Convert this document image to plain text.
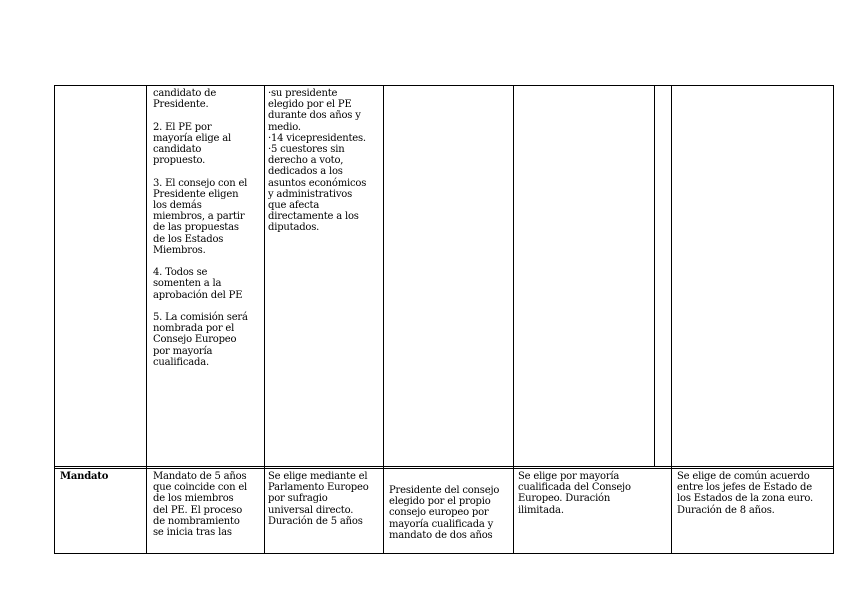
candidato de
Presidente.

2. El PE por
mayoría elige al
candidato
propuesto.

3. El consejo con el
Presidente eligen
los demás
miembros, a partir
de las propuestas
de los Estados
Miembros.

4. Todos se
somenten a la
aprobación del PE

5. La comisión será
nombrada por el
Consejo Europeo
por mayoría
cualificada.
·su presidente
elegido por el PE
durante dos años y
medio.
·14 vicepresidentes.
·5 cuestores sin
derecho a voto,
dedicados a los
asuntos económicos
y administrativos
que afecta
directamente a los
diputados.
Mandato	Mandato de 5 años
que coincide con el
de los miembros
del PE. El proceso
de nombramiento
se inicia tras las
Se elige mediante el
Parlamento Europeo
por sufragio
universal directo.
Duración de 5 años
Presidente del consejo
elegido por el propio
consejo europeo por
mayoría cualificada y
mandato de dos años
Se elige por mayoría
cualificada del Consejo
Europeo. Duración
ilimitada.
Se elige de común acuerdo
entre los jefes de Estado de
los Estados de la zona euro.
Duración de 8 años.
